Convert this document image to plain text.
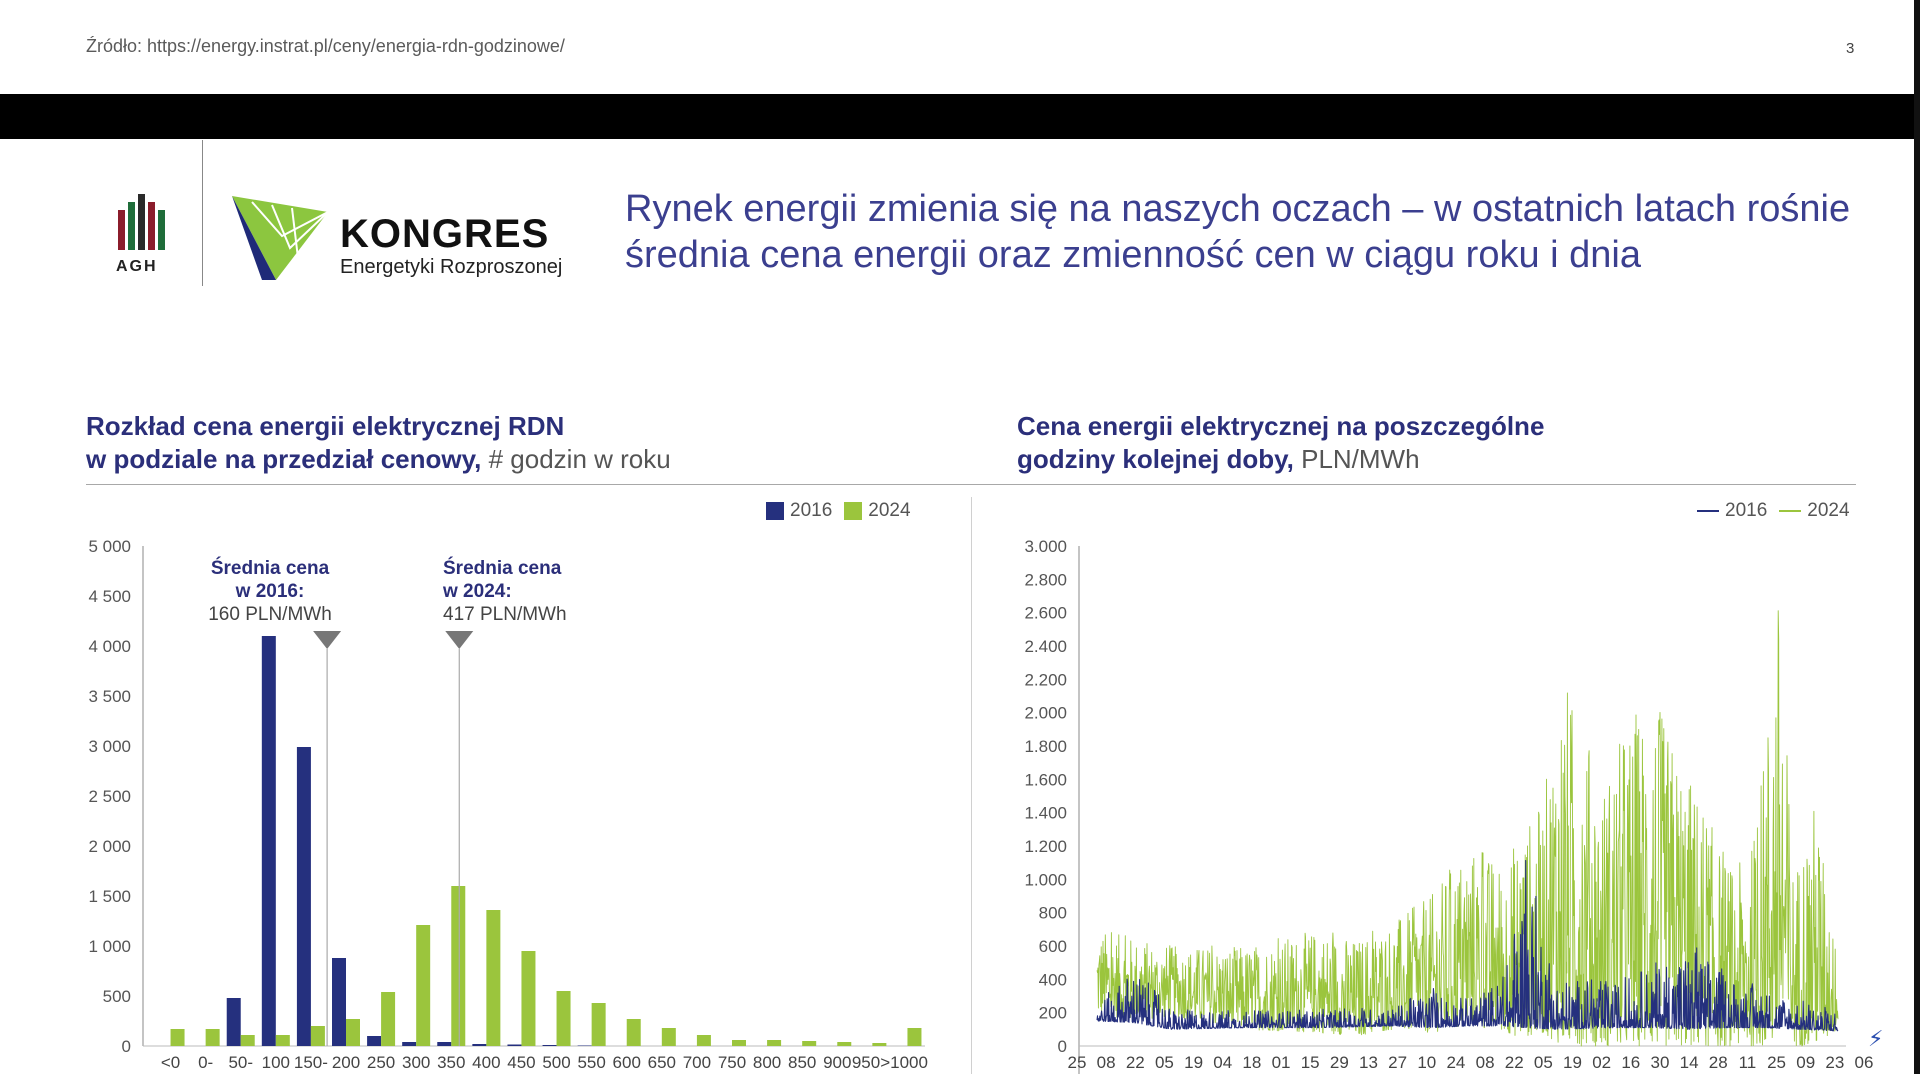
Źródło: https://energy.instrat.pl/ceny/energia-rdn-godzinowe/	3
AGH
KONGRES
Energetyki Rozproszonej
Rynek energii zmienia się na naszych oczach – w ostatnich latach rośnie średnia cena energii oraz zmienność cen w ciągu roku i dnia
Rozkład cena energii elektrycznej RDN
w podziale na przedział cenowy, # godzin w roku
Cena energii elektrycznej na poszczególne
godziny kolejnej doby, PLN/MWh
2016 2024	2016 2024
0
500
1 000
1 500
2 000
2 500
3 000
3 500
4 000
4 500
5 000
<0 0- 50- 100 150- 200 250 300 350 400 450 500 550 600 650 700 750 800 850 900 950>1000
0
200
400
600
800
1.000
1.200
1.400
1.600
1.800
2.000
2.200
2.400
2.600
2.800
3.000
25 08 22 05 19 04 18 01 15 29 13 27 10 24 08 22 05 19 02 16 30 14 28 11 25 09 23 06
Średnia cena
w 2016:
160 PLN/MWh
Średnia cena
w 2024:
417 PLN/MWh
⚡
